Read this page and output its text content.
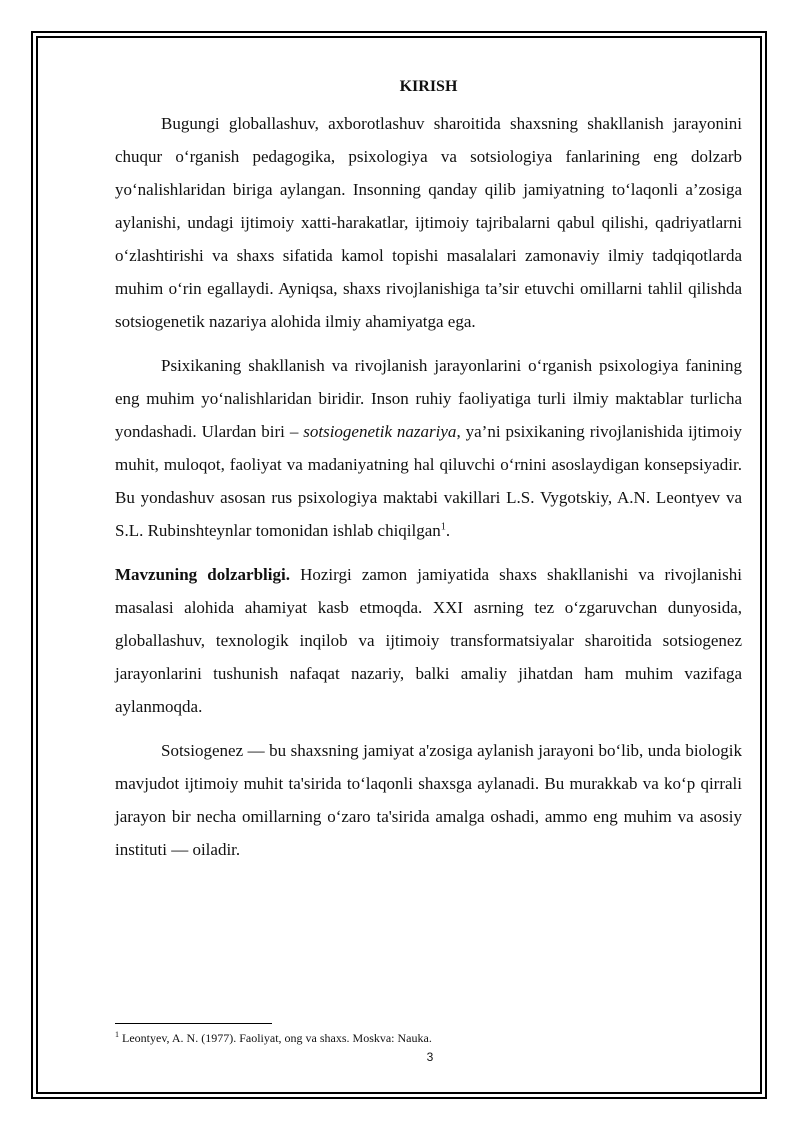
KIRISH

Bugungi globallashuv, axborotlashuv sharoitida shaxsning shakllanish jarayonini chuqur o‘rganish pedagogika, psixologiya va sotsiologiya fanlarining eng dolzarb yo‘nalishlaridan biriga aylangan. Insonning qanday qilib jamiyatning to‘laqonli a’zosiga aylanishi, undagi ijtimoiy xatti-harakatlar, ijtimoiy tajribalarni qabul qilishi, qadriyatlarni o‘zlashtirishi va shaxs sifatida kamol topishi masalalari zamonaviy ilmiy tadqiqotlarda muhim o‘rin egallaydi. Ayniqsa, shaxs rivojlanishiga ta’sir etuvchi omillarni tahlil qilishda sotsiogenetik nazariya alohida ilmiy ahamiyatga ega.

Psixikaning shakllanish va rivojlanish jarayonlarini o‘rganish psixologiya fanining eng muhim yo‘nalishlaridan biridir. Inson ruhiy faoliyatiga turli ilmiy maktablar turlicha yondashadi. Ulardan biri – sotsiogenetik nazariya, ya’ni psixikaning rivojlanishida ijtimoiy muhit, muloqot, faoliyat va madaniyatning hal qiluvchi o‘rnini asoslaydigan konsepsiyadir. Bu yondashuv asosan rus psixologiya maktabi vakillari L.S. Vygotskiy, A.N. Leontyev va S.L. Rubinshteynlar tomonidan ishlab chiqilgan$^1$.

Mavzuning dolzarbligi. Hozirgi zamon jamiyatida shaxs shakllanishi va rivojlanishi masalasi alohida ahamiyat kasb etmoqda. XXI asrning tez o‘zgaruvchan dunyosida, globallashuv, texnologik inqilob va ijtimoiy transformatsiyalar sharoitida sotsiogenez jarayonlarini tushunish nafaqat nazariy, balki amaliy jihatdan ham muhim vazifaga aylanmoqda.

Sotsiogenez — bu shaxsning jamiyat a'zosiga aylanish jarayoni bo‘lib, unda biologik mavjudot ijtimoiy muhit ta'sirida to‘laqonli shaxsga aylanadi. Bu murakkab va ko‘p qirrali jarayon bir necha omillarning o‘zaro ta'sirida amalga oshadi, ammo eng muhim va asosiy instituti — oiladir.

$^1$ Leontyev, A. N. (1977). Faoliyat, ong va shaxs. Moskva: Nauka.
3
